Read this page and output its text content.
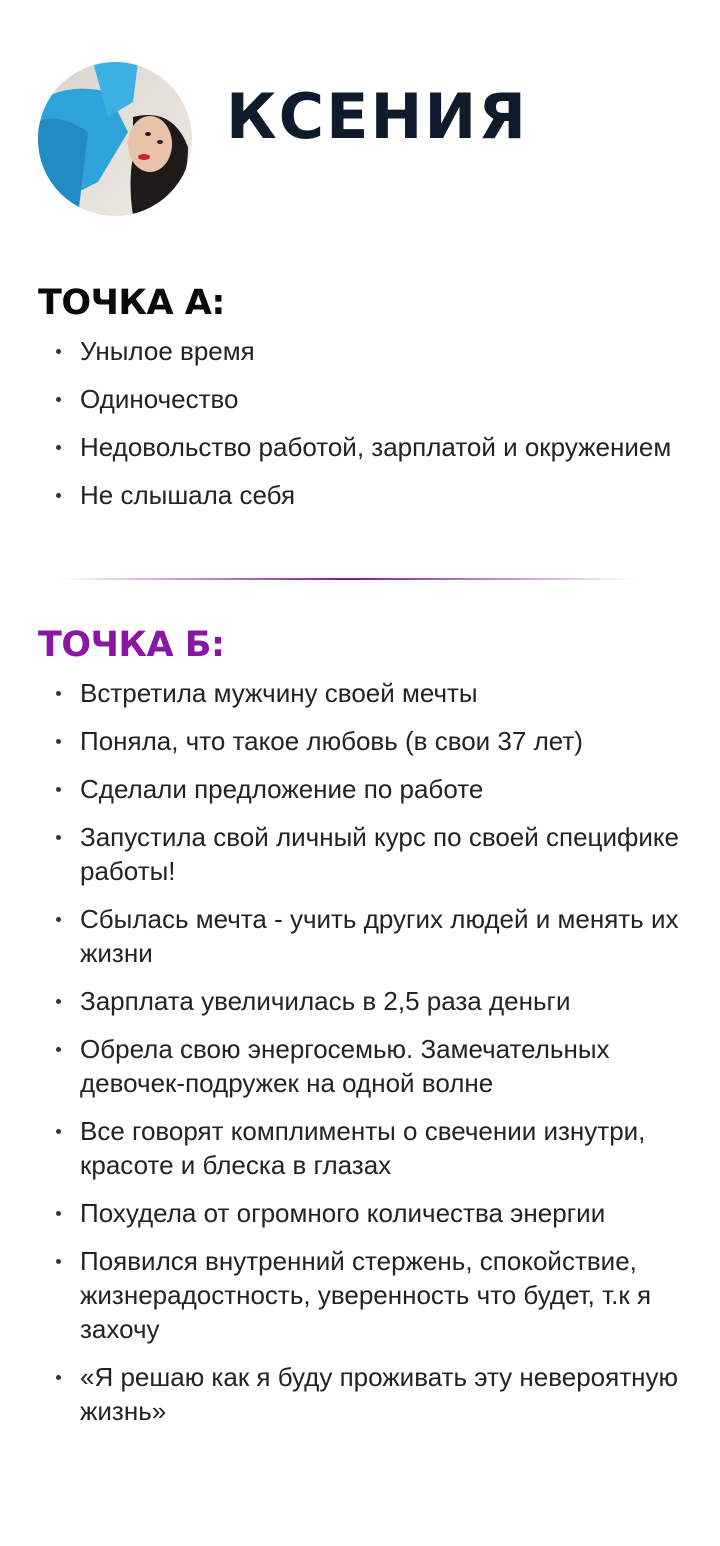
КСЕНИЯ
ТОЧКА А:
Унылое время
Одиночество
Недовольство работой, зарплатой и окружением
Не слышала себя
ТОЧКА Б:
Встретила мужчину своей мечты
Поняла, что такое любовь (в свои 37 лет)
Сделали предложение по работе
Запустила свой личный курс по своей специфике работы!
Сбылась мечта - учить других людей и менять их жизни
Зарплата увеличилась в 2,5 раза деньги
Обрела свою энергосемью. Замечательных девочек-подружек на одной волне
Все говорят комплименты о свечении изнутри, красоте и блеска в глазах
Похудела от огромного количества энергии
Появился внутренний стержень, спокойствие, жизнерадостность, уверенность что будет, т.к я захочу
«Я решаю как я буду проживать эту невероятную жизнь»
